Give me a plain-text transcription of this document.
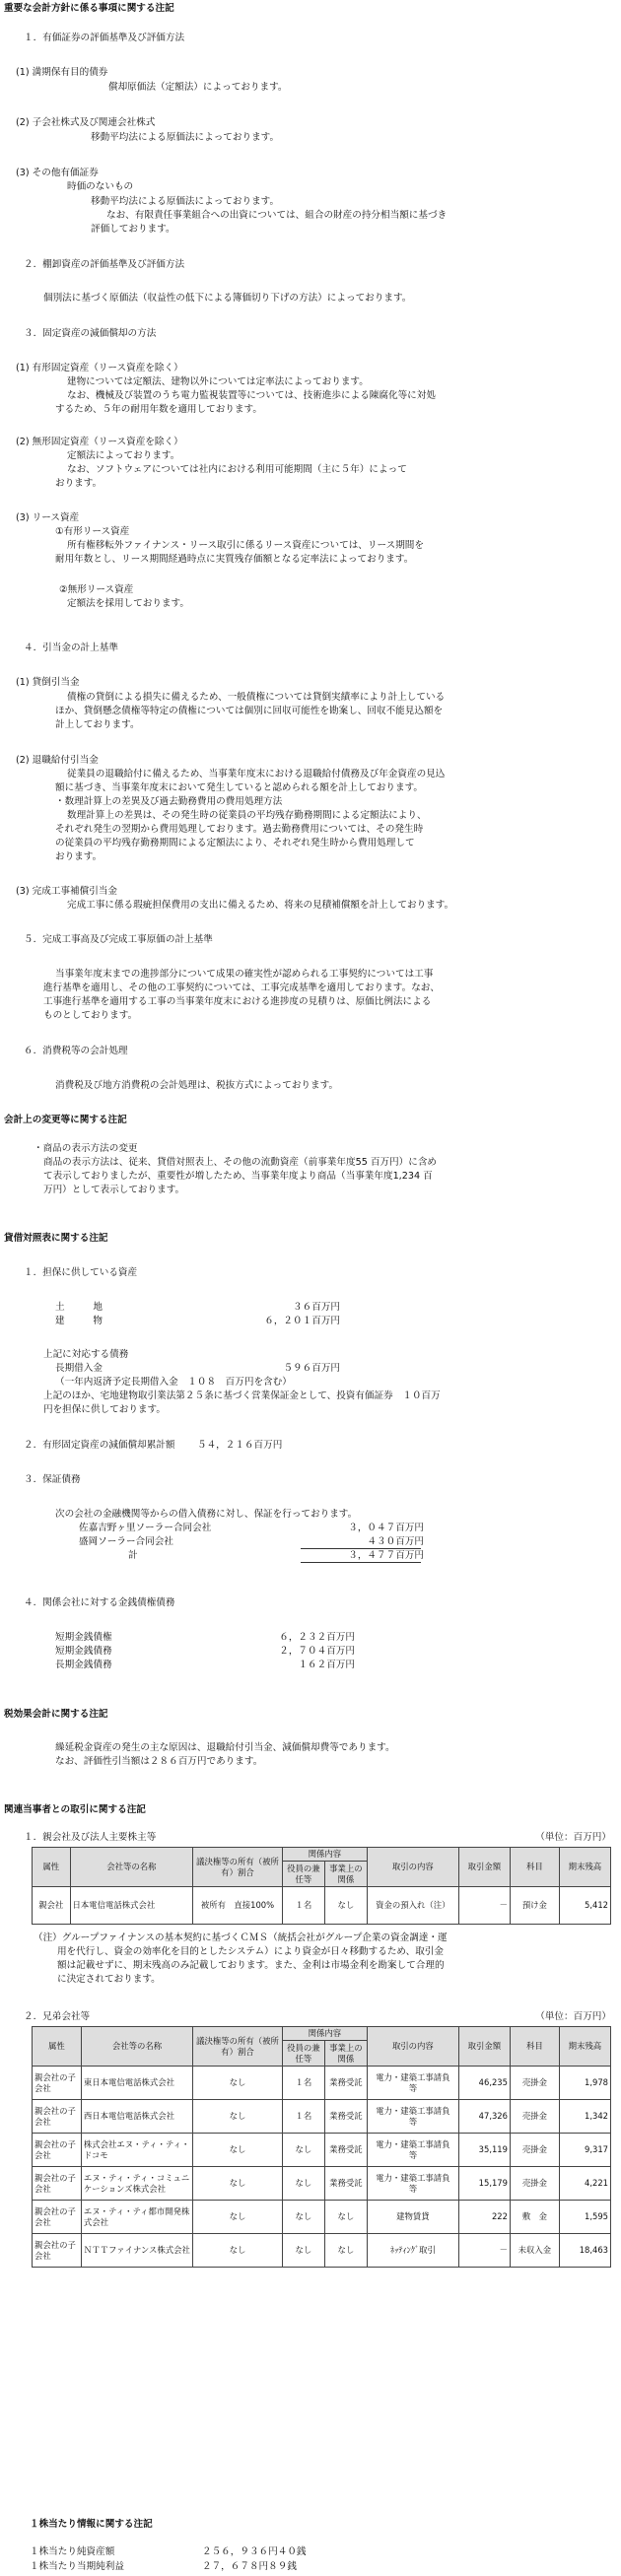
重要な会計方針に係る事項に関する注記
１．有価証券の評価基準及び評価方法
(1) 満期保有目的債券
償却原価法（定額法）によっております。
(2) 子会社株式及び関連会社株式
移動平均法による原価法によっております。
(3) その他有価証券
時価のないもの
移動平均法による原価法によっております。
なお、有限責任事業組合への出資については、組合の財産の持分相当額に基づき
評価しております。
２．棚卸資産の評価基準及び評価方法
個別法に基づく原価法（収益性の低下による簿価切り下げの方法）によっております。
３．固定資産の減価償却の方法
(1) 有形固定資産（リース資産を除く）
建物については定額法、建物以外については定率法によっております。
なお、機械及び装置のうち電力監視装置等については、技術進歩による陳腐化等に対処
するため、５年の耐用年数を適用しております。
(2) 無形固定資産（リース資産を除く）
定額法によっております。
なお、ソフトウェアについては社内における利用可能期間（主に５年）によって
おります。
(3) リース資産
①有形リース資産
所有権移転外ファイナンス・リース取引に係るリース資産については、リース期間を
耐用年数とし、リース期間経過時点に実質残存価額となる定率法によっております。
②無形リース資産
定額法を採用しております。
４．引当金の計上基準
(1) 貸倒引当金
債権の貸倒による損失に備えるため、一般債権については貸倒実績率により計上している
ほか、貸倒懸念債権等特定の債権については個別に回収可能性を勘案し、回収不能見込額を
計上しております。
(2) 退職給付引当金
従業員の退職給付に備えるため、当事業年度末における退職給付債務及び年金資産の見込
額に基づき、当事業年度末において発生していると認められる額を計上しております。
・数理計算上の差異及び過去勤務費用の費用処理方法
数理計算上の差異は、その発生時の従業員の平均残存勤務期間による定額法により、
それぞれ発生の翌期から費用処理しております。過去勤務費用については、その発生時
の従業員の平均残存勤務期間による定額法により、それぞれ発生時から費用処理して
おります。
(3) 完成工事補償引当金
完成工事に係る瑕疵担保費用の支出に備えるため、将来の見積補償額を計上しております。
５．完成工事高及び完成工事原価の計上基準
当事業年度末までの進捗部分について成果の確実性が認められる工事契約については工事
進行基準を適用し、その他の工事契約については、工事完成基準を適用しております。なお、
工事進行基準を適用する工事の当事業年度末における進捗度の見積りは、原価比例法による
ものとしております。
６．消費税等の会計処理
消費税及び地方消費税の会計処理は、税抜方式によっております。
会計上の変更等に関する注記
・商品の表示方法の変更
商品の表示方法は、従来、貸借対照表上、その他の流動資産（前事業年度55 百万円）に含め
て表示しておりましたが、重要性が増したため、当事業年度より商品（当事業年度1,234 百
万円）として表示しております。
貸借対照表に関する注記
１．担保に供している資産
土　　　地	３６百万円
建　　　物	６，２０１百万円
上記に対応する債務
長期借入金	５９６百万円
（一年内返済予定長期借入金　１０８　百万円を含む）
上記のほか、宅地建物取引業法第２５条に基づく営業保証金として、投資有価証券　１０百万
円を担保に供しております。
２．有形固定資産の減価償却累計額 ５４，２１６百万円
３．保証債務
次の会社の金融機関等からの借入債務に対し、保証を行っております。
佐嘉吉野ヶ里ソーラー合同会社	３，０４７百万円
盛岡ソーラー合同会社	４３０百万円
計	３，４７７百万円
４．関係会社に対する金銭債権債務
短期金銭債権	６，２３２百万円
短期金銭債務	２，７０４百万円
長期金銭債務	１６２百万円
税効果会計に関する注記
繰延税金資産の発生の主な原因は、退職給付引当金、減価償却費等であります。
なお、評価性引当額は２８６百万円であります。
関連当事者との取引に関する注記
１．親会社及び法人主要株主等	（単位：百万円）
属性	会社等の名称	議決権等の所有（被所有）割合	関係内容		取引の内容	取引金額	科目	期末残高
			役員の兼任等	事業上の関係				
親会社	日本電信電話株式会社	被所有　直接100%	１名	なし	資金の預入れ（注）	－	預け金	5,412
（注）グループファイナンスの基本契約に基づくＣＭＳ（統括会社がグループ企業の資金調達・運
用を代行し、資金の効率化を目的としたシステム）により資金が日々移動するため、取引金
額は記載せずに、期末残高のみ記載しております。また、金利は市場金利を勘案して合理的
に決定されております。
２．兄弟会社等	（単位：百万円）
属性	会社等の名称	議決権等の所有（被所有）割合	関係内容		取引の内容	取引金額	科目	期末残高
			役員の兼任等	事業上の関係				
親会社の子会社	東日本電信電話株式会社	なし	１名	業務受託	電力・建築工事請負　等	46,235	売掛金	1,978
親会社の子会社	西日本電信電話株式会社	なし	１名	業務受託	電力・建築工事請負　等	47,326	売掛金	1,342
親会社の子会社	株式会社エヌ・ティ・ティ・ドコモ	なし	なし	業務受託	電力・建築工事請負　等	35,119	売掛金	9,317
親会社の子会社	エヌ・ティ・ティ・コミュニケーションズ株式会社	なし	なし	業務受託	電力・建築工事請負　等	15,179	売掛金	4,221
親会社の子会社	エヌ・ティ・ティ都市開発株式会社	なし	なし	なし	建物賃貸	222	敷　金	1,595
親会社の子会社	ＮＴＴファイナンス株式会社	なし	なし	なし	ﾈｯﾃｨﾝｸﾞ取引	－	未収入金	18,463
１株当たり情報に関する注記
１株当たり純資産額	２５６，９３６円４０銭
１株当たり当期純利益	２７，６７８円８９銭
